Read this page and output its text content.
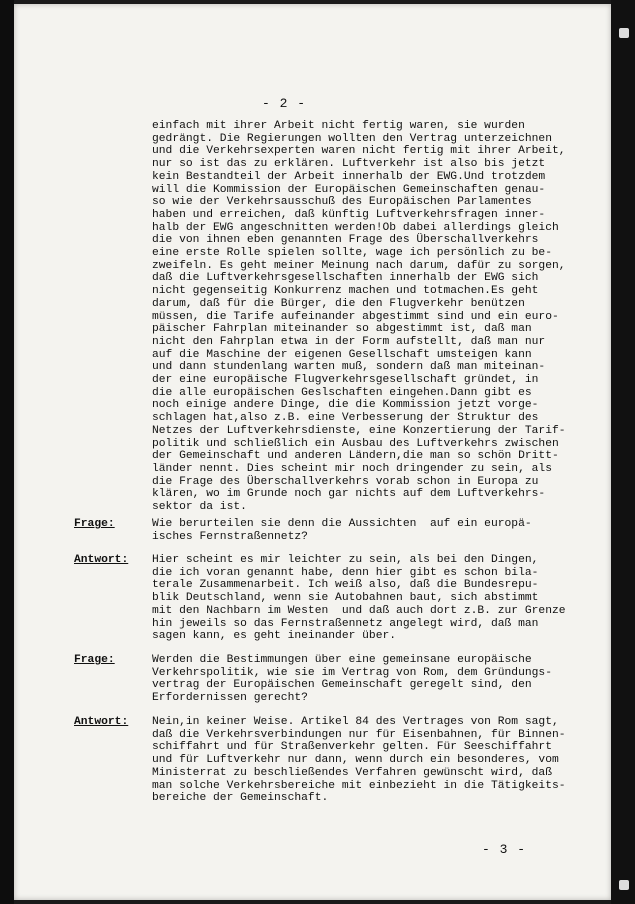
- 2 -
einfach mit ihrer Arbeit nicht fertig waren, sie wurden
gedrängt. Die Regierungen wollten den Vertrag unterzeichnen
und die Verkehrsexperten waren nicht fertig mit ihrer Arbeit,
nur so ist das zu erklären. Luftverkehr ist also bis jetzt
kein Bestandteil der Arbeit innerhalb der EWG.Und trotzdem
will die Kommission der Europäischen Gemeinschaften genau-
so wie der Verkehrsausschuß des Europäischen Parlamentes
haben und erreichen, daß künftig Luftverkehrsfragen inner-
halb der EWG angeschnitten werden!Ob dabei allerdings gleich
die von ihnen eben genannten Frage des Überschallverkehrs
eine erste Rolle spielen sollte, wage ich persönlich zu be-
zweifeln. Es geht meiner Meinung nach darum, dafür zu sorgen,
daß die Luftverkehrsgesellschaften innerhalb der EWG sich
nicht gegenseitig Konkurrenz machen und totmachen.Es geht
darum, daß für die Bürger, die den Flugverkehr benützen
müssen, die Tarife aufeinander abgestimmt sind und ein euro-
päischer Fahrplan miteinander so abgestimmt ist, daß man
nicht den Fahrplan etwa in der Form aufstellt, daß man nur
auf die Maschine der eigenen Gesellschaft umsteigen kann
und dann stundenlang warten muß, sondern daß man miteinan-
der eine europäische Flugverkehrsgesellschaft gründet, in
die alle europäischen Geslschaften eingehen.Dann gibt es
noch einige andere Dinge, die die Kommission jetzt vorge-
schlagen hat,also z.B. eine Verbesserung der Struktur des
Netzes der Luftverkehrsdienste, eine Konzertierung der Tarif-
politik und schließlich ein Ausbau des Luftverkehrs zwischen
der Gemeinschaft und anderen Ländern,die man so schön Dritt-
länder nennt. Dies scheint mir noch dringender zu sein, als
die Frage des Überschallverkehrs vorab schon in Europa zu
klären, wo im Grunde noch gar nichts auf dem Luftverkehrs-
sektor da ist.
Frage:	Wie berurteilen sie denn die Aussichten  auf ein europä-
isches Fernstraßennetz?
Antwort: Hier scheint es mir leichter zu sein, als bei den Dingen,
die ich voran genannt habe, denn hier gibt es schon bila-
terale Zusammenarbeit. Ich weiß also, daß die Bundesrepu-
blik Deutschland, wenn sie Autobahnen baut, sich abstimmt
mit den Nachbarn im Westen  und daß auch dort z.B. zur Grenze
hin jeweils so das Fernstraßennetz angelegt wird, daß man
sagen kann, es geht ineinander über.
Frage:	Werden die Bestimmungen über eine gemeinsane europäische
Verkehrspolitik, wie sie im Vertrag von Rom, dem Gründungs-
vertrag der Europäischen Gemeinschaft geregelt sind, den
Erfordernissen gerecht?
Antwort: Nein,in keiner Weise. Artikel 84 des Vertrages von Rom sagt,
daß die Verkehrsverbindungen nur für Eisenbahnen, für Binnen-
schiffahrt und für Straßenverkehr gelten. Für Seeschiffahrt
und für Luftverkehr nur dann, wenn durch ein besonderes, vom
Ministerrat zu beschließendes Verfahren gewünscht wird, daß
man solche Verkehrsbereiche mit einbezieht in die Tätigkeits-
bereiche der Gemeinschaft.
- 3 -
